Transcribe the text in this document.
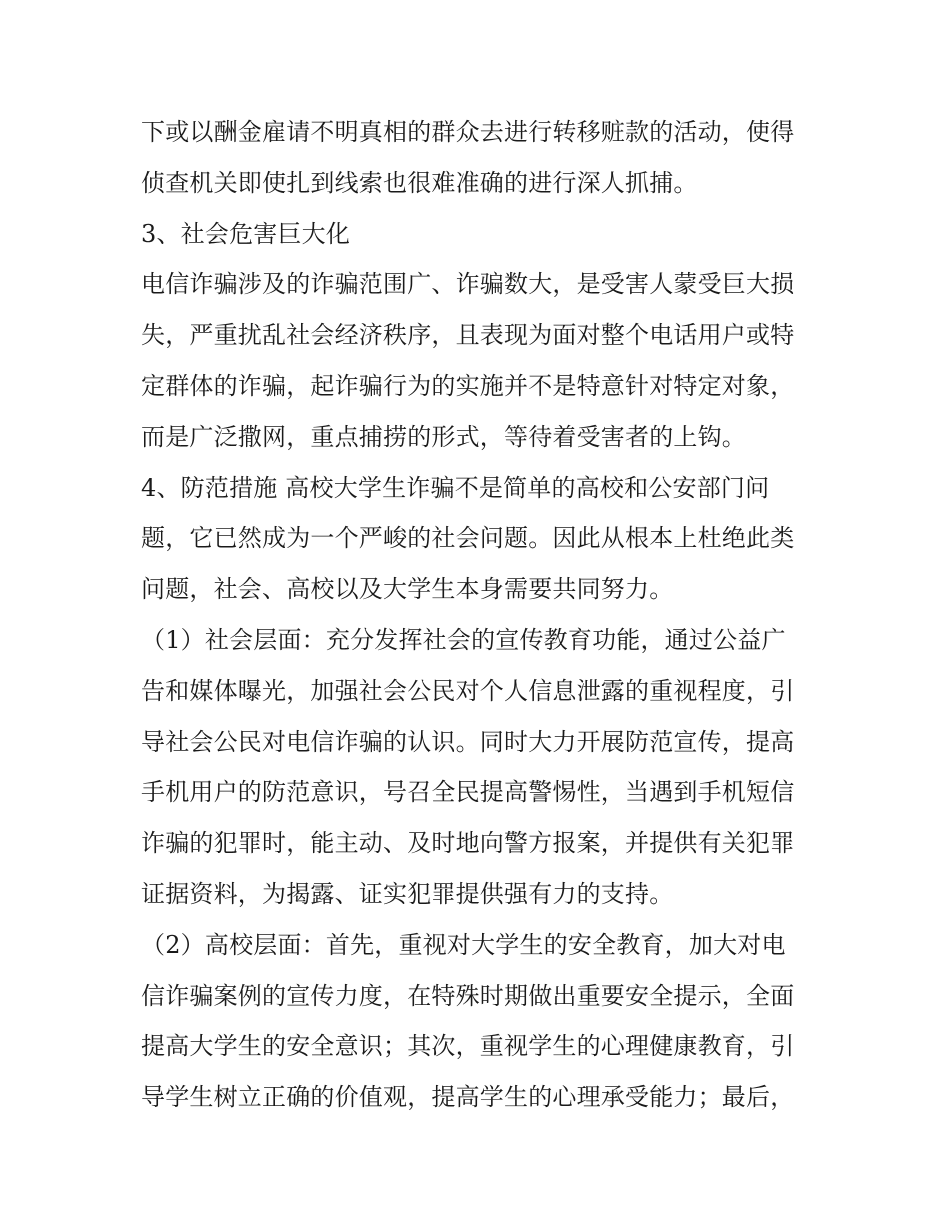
下或以酬金雇请不明真相的群众去进行转移赃款的活动，使得
侦查机关即使扎到线索也很难准确的进行深人抓捕。
3、社会危害巨大化
电信诈骗涉及的诈骗范围广、诈骗数大，是受害人蒙受巨大损
失，严重扰乱社会经济秩序，且表现为面对整个电话用户或特
定群体的诈骗，起诈骗行为的实施并不是特意针对特定对象，
而是广泛撒网，重点捕捞的形式，等待着受害者的上钩。
4、防范措施 高校大学生诈骗不是简单的高校和公安部门问
题，它已然成为一个严峻的社会问题。因此从根本上杜绝此类
问题，社会、高校以及大学生本身需要共同努力。
（1）社会层面：充分发挥社会的宣传教育功能，通过公益广
告和媒体曝光，加强社会公民对个人信息泄露的重视程度，引
导社会公民对电信诈骗的认识。同时大力开展防范宣传，提高
手机用户的防范意识，号召全民提高警惕性，当遇到手机短信
诈骗的犯罪时，能主动、及时地向警方报案，并提供有关犯罪
证据资料，为揭露、证实犯罪提供强有力的支持。
（2）高校层面：首先，重视对大学生的安全教育，加大对电
信诈骗案例的宣传力度，在特殊时期做出重要安全提示，全面
提高大学生的安全意识；其次，重视学生的心理健康教育，引
导学生树立正确的价值观，提高学生的心理承受能力；最后，
